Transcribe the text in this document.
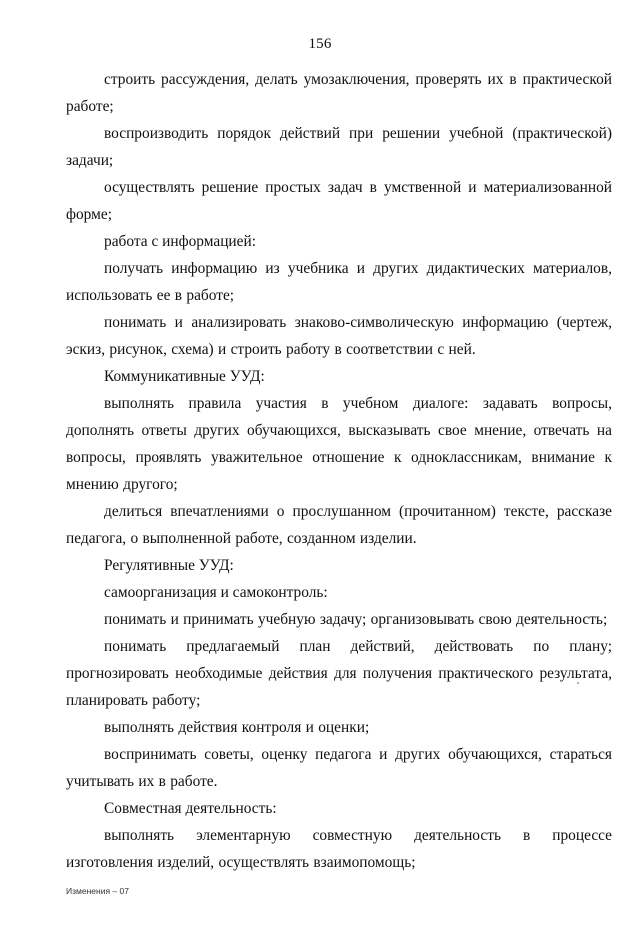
156

строить рассуждения, делать умозаключения, проверять их в практической работе;

воспроизводить порядок действий при решении учебной (практической) задачи;

осуществлять решение простых задач в умственной и материализованной форме;

работа с информацией:

получать информацию из учебника и других дидактических материалов, использовать ее в работе;

понимать и анализировать знаково-символическую информацию (чертеж, эскиз, рисунок, схема) и строить работу в соответствии с ней.

Коммуникативные УУД:

выполнять правила участия в учебном диалоге: задавать вопросы, дополнять ответы других обучающихся, высказывать свое мнение, отвечать на вопросы, проявлять уважительное отношение к одноклассникам, внимание к мнению другого;

делиться впечатлениями о прослушанном (прочитанном) тексте, рассказе педагога, о выполненной работе, созданном изделии.

Регулятивные УУД:

самоорганизация и самоконтроль:

понимать и принимать учебную задачу; организовывать свою деятельность;

понимать предлагаемый план действий, действовать по плану; прогнозировать необходимые действия для получения практического результата, планировать работу;

выполнять действия контроля и оценки;

воспринимать советы, оценку педагога и других обучающихся, стараться учитывать их в работе.

Совместная деятельность:

выполнять элементарную совместную деятельность в процессе изготовления изделий, осуществлять взаимопомощь;

Изменения – 07
